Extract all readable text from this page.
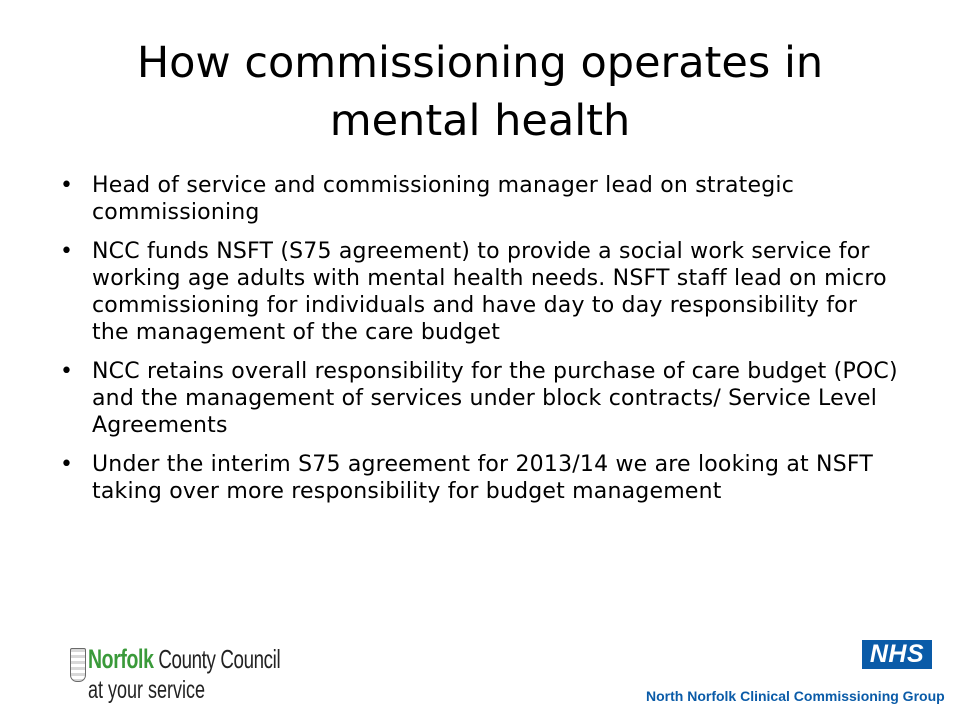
How commissioning operates in mental health
• Head of service and commissioning manager lead on strategic commissioning
• NCC funds NSFT (S75 agreement) to provide a social work service for working age adults with mental health needs. NSFT staff lead on micro commissioning for individuals and have day to day responsibility for the management of the care budget
• NCC retains overall responsibility for the purchase of care budget (POC) and the management of services under block contracts/ Service Level Agreements
• Under the interim S75 agreement for 2013/14 we are looking at NSFT taking over more responsibility for budget management
Norfolk County Council
at your service
NHS
North Norfolk Clinical Commissioning Group
